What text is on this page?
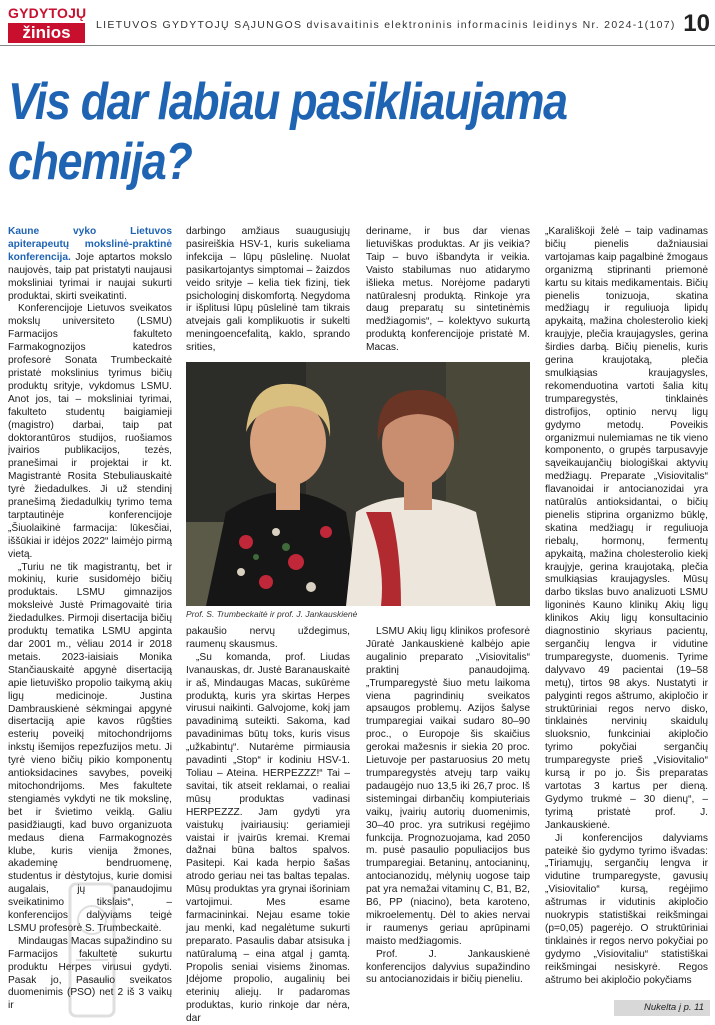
GYDYTOJŲ
žinios	LIETUVOS GYDYTOJŲ SĄJUNGOS dvisavaitinis elektroninis informacinis leidinys Nr. 2024-1(107) 10
Vis dar labiau pasikliaujama
chemija?

Kaune vyko Lietuvos apiterapeutų mokslinė-praktinė konferencija. Joje aptartos mokslo naujovės, taip pat pristatyti naujausi moksliniai tyrimai ir naujai sukurti produktai, skirti sveikatinti.

Konferencijoje Lietuvos sveikatos mokslų universiteto (LSMU) Farmacijos fakulteto Farmakognozijos katedros profesorė Sonata Trumbeckaitė pristatė mokslinius tyrimus bičių produktų srityje, vykdomus LSMU. Anot jos, tai – moksliniai tyrimai, fakulteto studentų baigiamieji (magistro) darbai, taip pat doktorantūros studijos, ruošiamos įvairios publikacijos, tezės, pranešimai ir projektai ir kt. Magistrantė Rosita Stebuliauskaitė tyrė žiedadulkes. Ji už stendinį pranešimą žiedadulkių tyrimo tema tarptautinėje konferencijoje „Šiuolaikinė farmacija: lūkesčiai, iššūkiai ir idėjos 2022“ laimėjo pirmą vietą.

„Turiu ne tik magistrantų, bet ir mokinių, kurie susidomėjo bičių produktais. LSMU gimnazijos moksleivė Justė Primagovaitė tiria žiedadulkes. Pirmoji disertacija bičių produktų tematika LSMU apginta dar 2001 m., vėliau 2014 ir 2018 metais. 2023-iaisiais Monika Stančiauskaitė apgynė disertaciją apie lietuviško propolio taikymą akių ligų medicinoje. Justina Dambrauskienė sėkmingai apgynė disertaciją apie kavos rūgšties esterių poveikį mitochondrijoms inkstų išemijos repezfuzijos metu. Ji tyrė vieno bičių pikio komponentų antioksidacines savybes, poveikį mitochondrijoms. Mes fakultete stengiamės vykdyti ne tik mokslinę, bet ir švietimo veiklą. Galiu pasidžiaugti, kad buvo organizuota medaus diena Farmakognozės klube, kuris vienija žmones, akademinę bendruomenę, studentus ir dėstytojus, kurie domisi augalais, jų panaudojimu sveikatinimo tikslais“, – konferencijos dalyviams teigė LSMU profesorė S. Trumbeckaitė.

Mindaugas Macas supažindino su Farmacijos fakultete sukurtu produktu Herpes virusui gydyti. Pasak jo, Pasaulio sveikatos duomenimis (PSO) net 2 iš 3 vaikų ir

darbingo amžiaus suaugusiųjų pasireiškia HSV-1, kuris sukeliama infekcija – lūpų pūslelinę. Nuolat pasikartojantys simptomai – žaizdos veido srityje – kelia tiek fizinį, tiek psichologinį diskomfortą. Negydoma ir išplitusi lūpų pūslelinė tam tikrais atvejais gali komplikuotis ir sukelti meningoencefalitą, kaklo, sprando srities,

deriname, ir bus dar vienas lietuviškas produktas. Ar jis veikia? Taip – buvo išbandyta ir veikia. Vaisto stabilumas nuo atidarymo išlieka metus. Norėjome padaryti natūralesnį produktą. Rinkoje yra daug preparatų su sintetinėmis medžiagomis“, – kolektyvo sukurtą produktą konferencijoje pristatė M. Macas.

Prof. S. Trumbeckaitė ir prof. J. Jankauskienė

pakaušio nervų uždegimus, raumenų skausmus.

„Su komanda, prof. Liudas Ivanauskas, dr. Justė Baranauskaitė ir aš, Mindaugas Macas, sukūrėme produktą, kuris yra skirtas Herpes virusui naikinti. Galvojome, kokį jam pavadinimą suteikti. Sakoma, kad pavadinimas būtų toks, kuris visus „užkabintų“. Nutarėme pirmiausia pavadinti „Stop“ ir kodiniu HSV-1. Toliau – Ateina. HERPEZZZ!“ Tai – savitai, tik atseit reklamai, o realiai mūsų produktas vadinasi HERPEZZZ. Jam gydyti yra vaistukų įvairiausių: geriamieji vaistai ir įvairūs kremai. Kremai dažnai būna baltos spalvos. Pasitepi. Kai kada herpio šašas atrodo geriau nei tas baltas tepalas. Mūsų produktas yra grynai išoriniam vartojimui. Mes esame farmacininkai. Nejau esame tokie jau menki, kad negalėtume sukurti preparato. Pasaulis dabar atsisuka į natūralumą – eina atgal į gamtą. Propolis seniai visiems žinomas. Įdėjome propolio, augalinių bei eterinių aliejų. Ir padaromas produktas, kurio rinkoje dar nėra, dar

LSMU Akių ligų klinikos profesorė Jūratė Jankauskienė kalbėjo apie augalinio preparato „Visiovitalis“ praktinį panaudojimą. „Trumparegystė šiuo metu laikoma viena pagrindinių sveikatos apsaugos problemų. Azijos šalyse trumparegiai vaikai sudaro 80–90 proc., o Europoje šis skaičius gerokai mažesnis ir siekia 20 proc. Lietuvoje per pastaruosius 20 metų trumparegystės atvejų tarp vaikų padaugėjo nuo 13,5 iki 26,7 proc. Iš sistemingai dirbančių kompiuteriais vaikų, įvairių autorių duomenimis, 30–40 proc. yra sutrikusi regėjimo funkcija. Prognozuojama, kad 2050 m. pusė pasaulio populiacijos bus trumparegiai. Betaninų, antocianinų, antocianozidų, mėlynių uogose taip pat yra nemažai vitaminų C, B1, B2, B6, PP (niacino), beta karoteno, mikroelementų. Dėl to akies nervai ir raumenys geriau aprūpinami maisto medžiagomis.

Prof. J. Jankauskienė konferencijos dalyvius supažindino su antocianozidais ir bičių pieneliu.

„Karališkoji želė – taip vadinamas bičių pienelis dažniausiai vartojamas kaip pagalbinė žmogaus organizmą stiprinanti priemonė kartu su kitais medikamentais. Bičių pienelis tonizuoja, skatina medžiagų ir reguliuoja lipidų apykaitą, mažina cholesterolio kiekį kraujyje, plečia kraujagysles, gerina širdies darbą. Bičių pienelis, kuris gerina kraujotaką, plečia smulkiąsias kraujagysles, rekomenduotina vartoti šalia kitų trumparegystės, tinklainės distrofijos, optinio nervų ligų gydymo metodų. Poveikis organizmui nulemiamas ne tik vieno komponento, o grupės tarpusavyje sąveikaujančių biologiškai aktyvių medžiagų. Preparate „Visiovitalis“ flavanoidai ir antocianozidai yra natūralūs antioksidantai, o bičių pienelis stiprina organizmo būklę, skatina medžiagų ir reguliuoja riebalų, hormonų, fermentų apykaitą, mažina cholesterolio kiekį kraujyje, gerina kraujotaką, plečia smulkiąsias kraujagysles. Mūsų darbo tikslas buvo analizuoti LSMU ligoninės Kauno klinikų Akių ligų klinikos Akių ligų konsultacinio diagnostinio skyriaus pacientų, sergančių lengva ir vidutine trumparegyste, duomenis. Tyrime dalyvavo 49 pacientai (19–58 metų), tirtos 98 akys. Nustatyti ir palyginti regos aštrumo, akipločio ir struktūriniai regos nervo disko, tinklainės nervinių skaidulų sluoksnio, funkciniai akipločio tyrimo pokyčiai sergančių trumparegyste prieš „Visiovitalio“ kursą ir po jo. Šis preparatas vartotas 3 kartus per dieną. Gydymo trukmė – 30 dienų“, – tyrimą pristatė prof. J. Jankauskienė.

Ji konferencijos dalyviams pateikė šio gydymo tyrimo išvadas: „Tiriamųjų, sergančių lengva ir vidutine trumparegyste, gavusių „Visiovitalio“ kursą, regėjimo aštrumas ir vidutinis akipločio nuokrypis statistiškai reikšmingai (p=0,05) pagerėjo. O struktūriniai tinklainės ir regos nervo pokyčiai po gydymo „Visiovitaliu“ statistiškai reikšmingai nesiskyrė. Regos aštrumo bei akipločio pokyčiams

Nukelta į p. 11
